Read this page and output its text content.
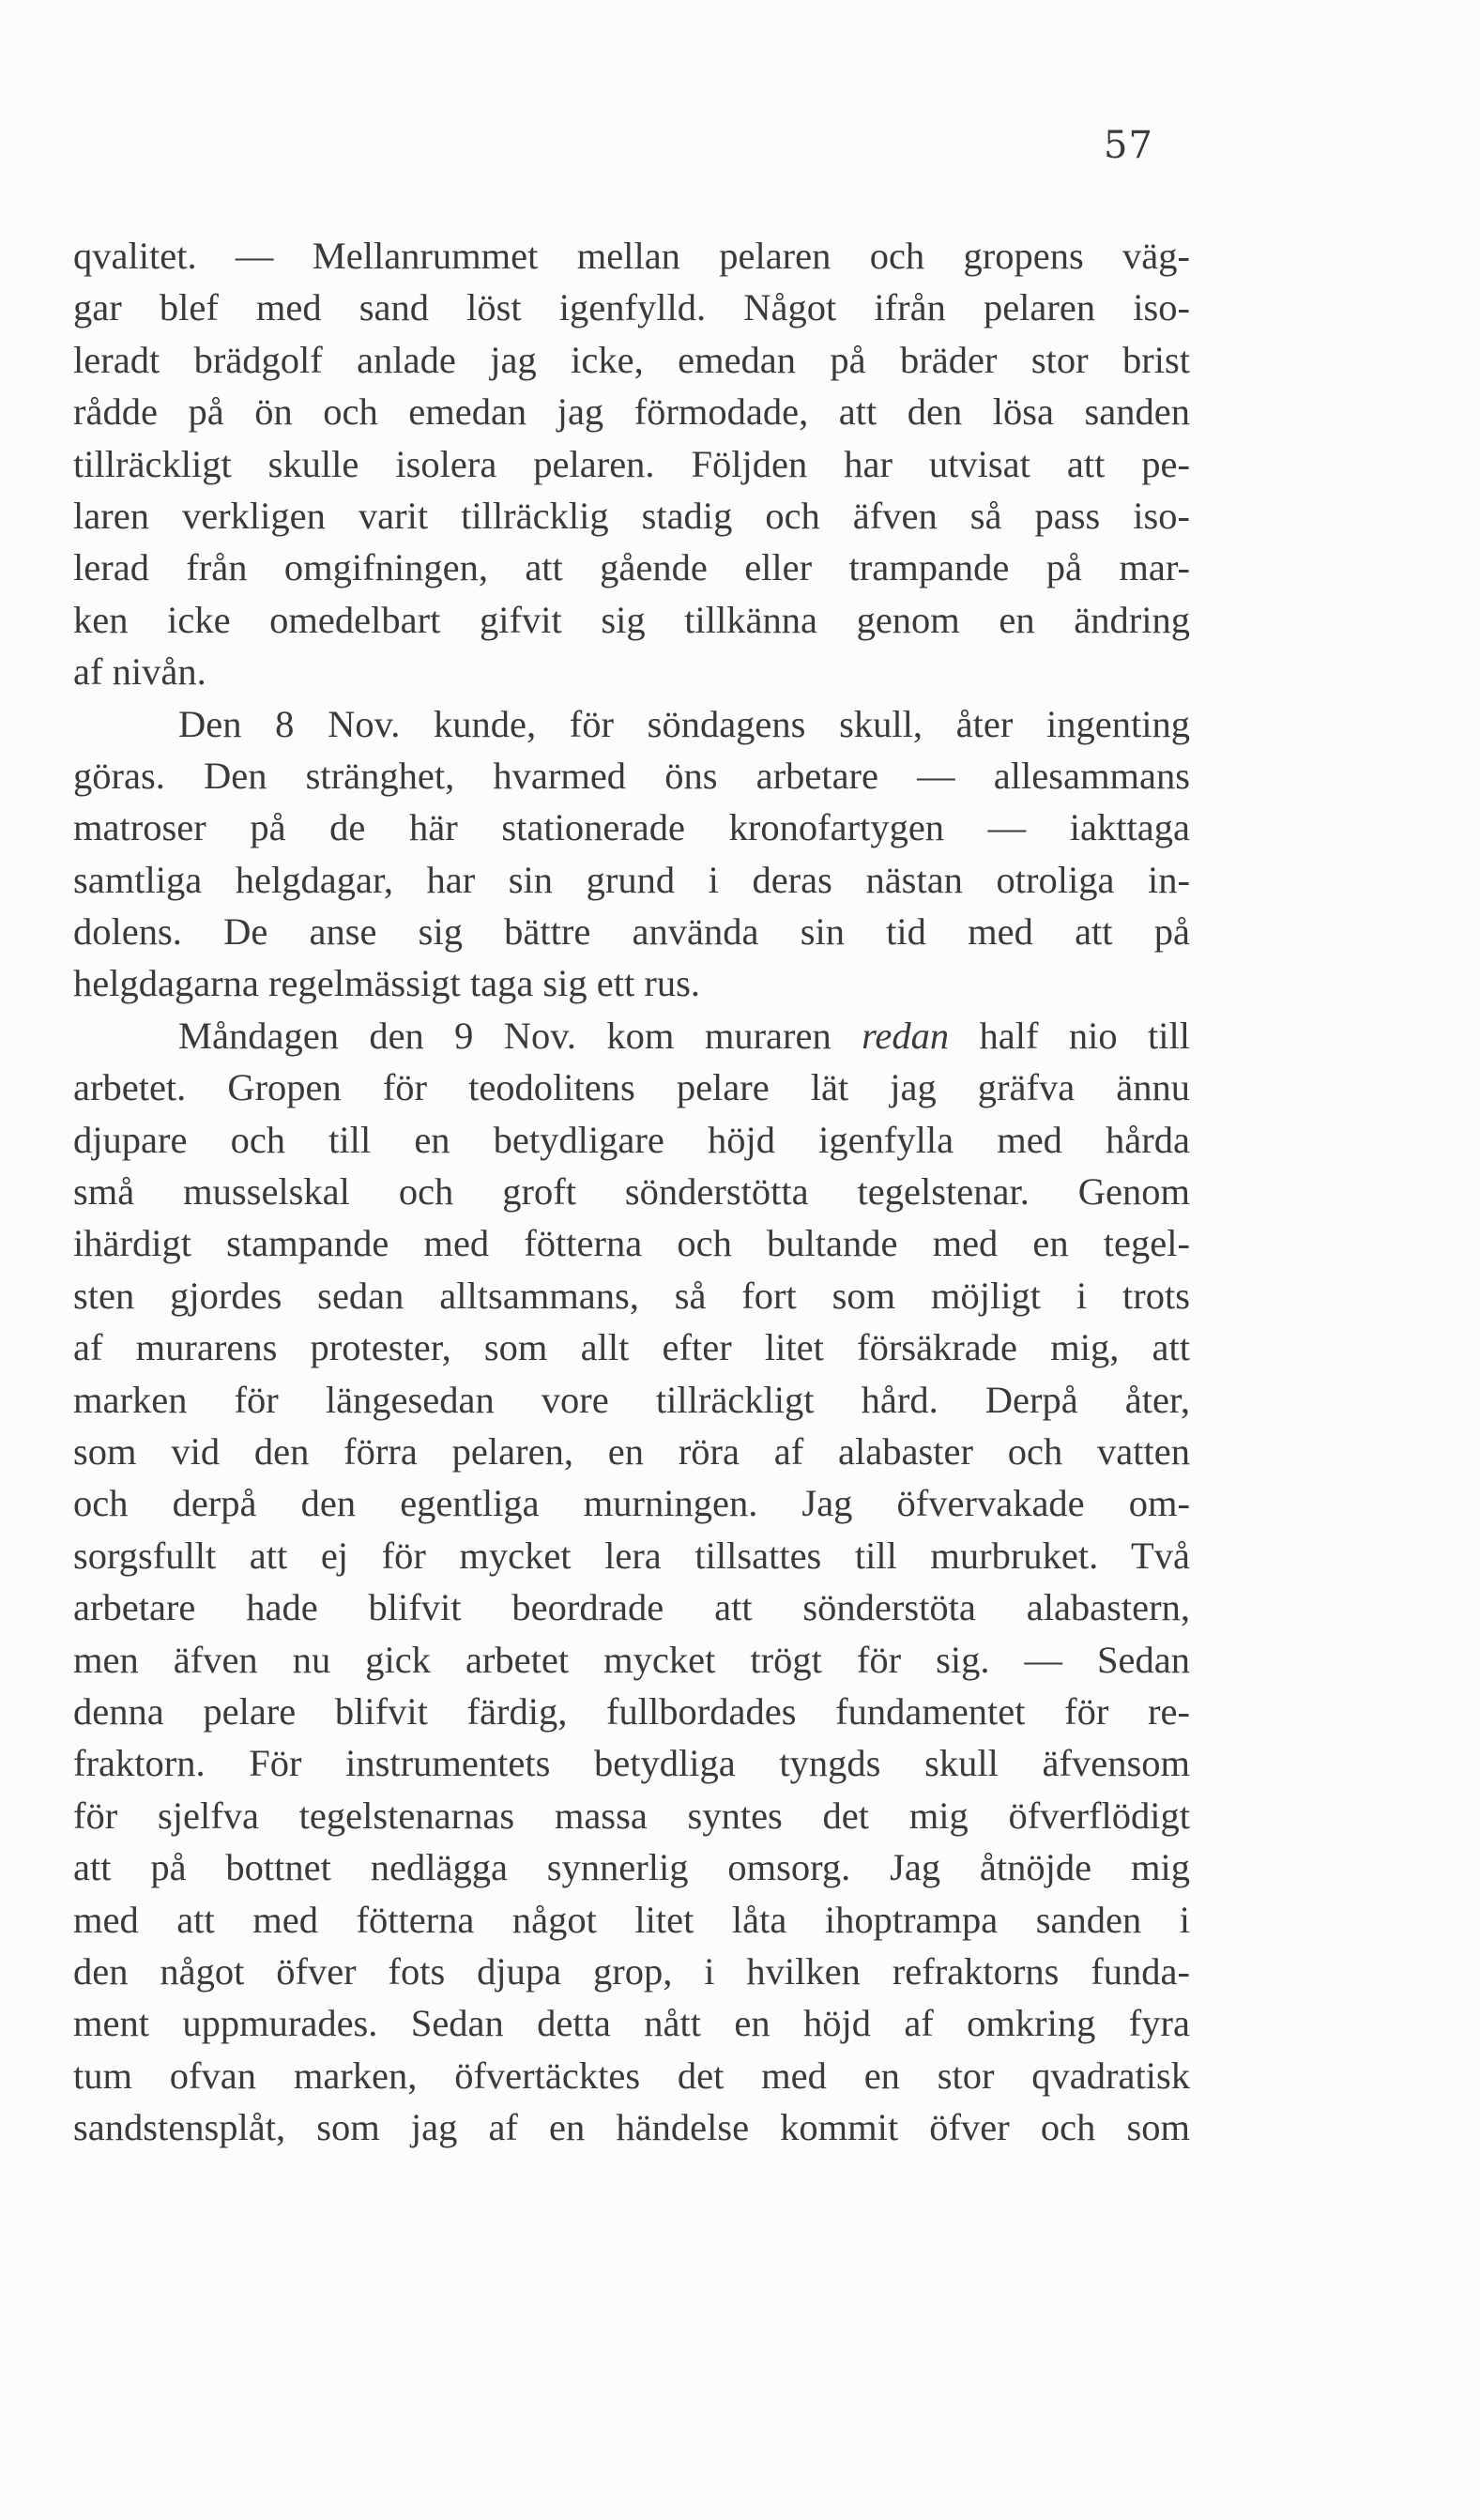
57
qvalitet. — Mellanrummet mellan pelaren och gropens väg-
gar blef med sand löst igenfylld. Något ifrån pelaren iso-
leradt brädgolf anlade jag icke, emedan på bräder stor brist
rådde på ön och emedan jag förmodade, att den lösa sanden
tillräckligt skulle isolera pelaren. Följden har utvisat att pe-
laren verkligen varit tillräcklig stadig och äfven så pass iso-
lerad från omgifningen, att gående eller trampande på mar-
ken icke omedelbart gifvit sig tillkänna genom en ändring
af nivån.
Den 8 Nov. kunde, för söndagens skull, åter ingenting
göras. Den stränghet, hvarmed öns arbetare — allesammans
matroser på de här stationerade kronofartygen — iakttaga
samtliga helgdagar, har sin grund i deras nästan otroliga in-
dolens. De anse sig bättre använda sin tid med att på
helgdagarna regelmässigt taga sig ett rus.
Måndagen den 9 Nov. kom muraren redan half nio till
arbetet. Gropen för teodolitens pelare lät jag gräfva ännu
djupare och till en betydligare höjd igenfylla med hårda
små musselskal och groft sönderstötta tegelstenar. Genom
ihärdigt stampande med fötterna och bultande med en tegel-
sten gjordes sedan alltsammans, så fort som möjligt i trots
af murarens protester, som allt efter litet försäkrade mig, att
marken för längesedan vore tillräckligt hård. Derpå åter,
som vid den förra pelaren, en röra af alabaster och vatten
och derpå den egentliga murningen. Jag öfvervakade om-
sorgsfullt att ej för mycket lera tillsattes till murbruket. Två
arbetare hade blifvit beordrade att sönderstöta alabastern,
men äfven nu gick arbetet mycket trögt för sig. — Sedan
denna pelare blifvit färdig, fullbordades fundamentet för re-
fraktorn. För instrumentets betydliga tyngds skull äfvensom
för sjelfva tegelstenarnas massa syntes det mig öfverflödigt
att på bottnet nedlägga synnerlig omsorg. Jag åtnöjde mig
med att med fötterna något litet låta ihoptrampa sanden i
den något öfver fots djupa grop, i hvilken refraktorns funda-
ment uppmurades. Sedan detta nått en höjd af omkring fyra
tum ofvan marken, öfvertäcktes det med en stor qvadratisk
sandstensplåt, som jag af en händelse kommit öfver och som
